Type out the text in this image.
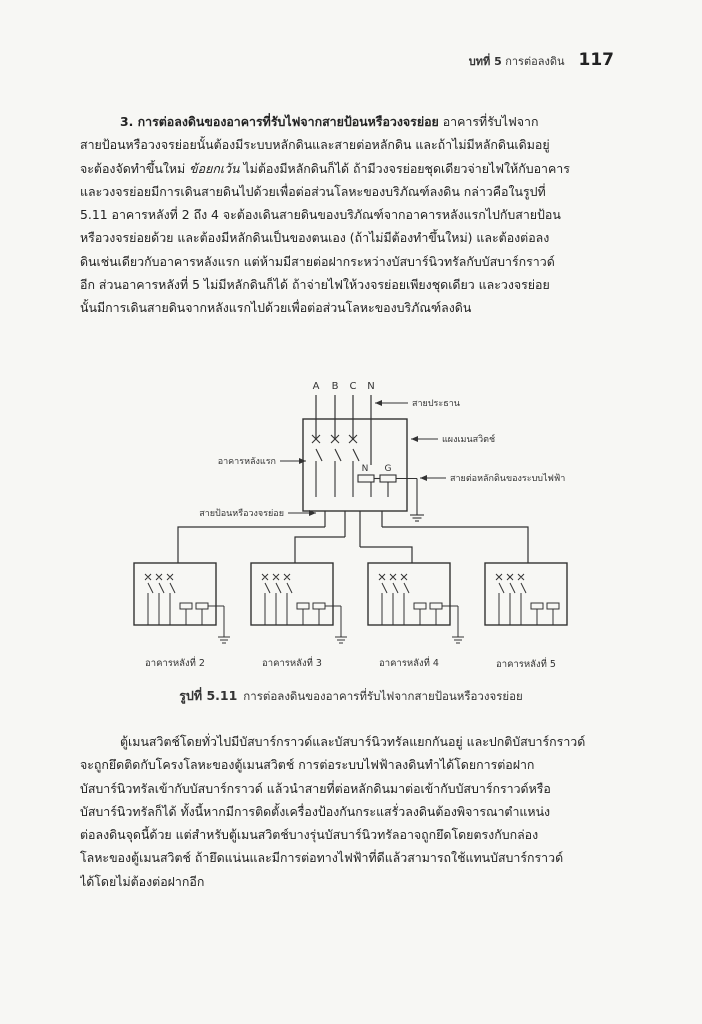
บทที่ 5 การต่อลงดิน 117
3. การต่อลงดินของอาคารที่รับไฟจากสายป้อนหรือวงจรย่อย อาคารที่รับไฟจาก
สายป้อนหรือวงจรย่อยนั้นต้องมีระบบหลักดินและสายต่อหลักดิน และถ้าไม่มีหลักดินเดิมอยู่
จะต้องจัดทำขึ้นใหม่ ข้อยกเว้น ไม่ต้องมีหลักดินก็ได้ ถ้ามีวงจรย่อยชุดเดียวจ่ายไฟให้กับอาคาร
และวงจรย่อยมีการเดินสายดินไปด้วยเพื่อต่อส่วนโลหะของบริภัณฑ์ลงดิน กล่าวคือในรูปที่
5.11 อาคารหลังที่ 2 ถึง 4 จะต้องเดินสายดินของบริภัณฑ์จากอาคารหลังแรกไปกับสายป้อน
หรือวงจรย่อยด้วย และต้องมีหลักดินเป็นของตนเอง (ถ้าไม่มีต้องทำขึ้นใหม่) และต้องต่อลง
ดินเช่นเดียวกับอาคารหลังแรก แต่ห้ามมีสายต่อฝากระหว่างบัสบาร์นิวทรัลกับบัสบาร์กราวด์
อีก ส่วนอาคารหลังที่ 5 ไม่มีหลักดินก็ได้ ถ้าจ่ายไฟให้วงจรย่อยเพียงชุดเดียว และวงจรย่อย
นั้นมีการเดินสายดินจากหลังแรกไปด้วยเพื่อต่อส่วนโลหะของบริภัณฑ์ลงดิน
A B C N
สายประธาน
แผงเมนสวิตช์
อาคารหลังแรก
N G
สายต่อหลักดินของระบบไฟฟ้า
สายป้อนหรือวงจรย่อย
อาคารหลังที่ 2	อาคารหลังที่ 3	อาคารหลังที่ 4	อาคารหลังที่ 5
รูปที่ 5.11 การต่อลงดินของอาคารที่รับไฟจากสายป้อนหรือวงจรย่อย
ตู้เมนสวิตช์โดยทั่วไปมีบัสบาร์กราวด์และบัสบาร์นิวทรัลแยกกันอยู่ และปกติบัสบาร์กราวด์
จะถูกยึดติดกับโครงโลหะของตู้เมนสวิตช์ การต่อระบบไฟฟ้าลงดินทำได้โดยการต่อฝาก
บัสบาร์นิวทรัลเข้ากับบัสบาร์กราวด์ แล้วนำสายที่ต่อหลักดินมาต่อเข้ากับบัสบาร์กราวด์หรือ
บัสบาร์นิวทรัลก็ได้ ทั้งนี้หากมีการติดตั้งเครื่องป้องกันกระแสรั่วลงดินต้องพิจารณาตำแหน่ง
ต่อลงดินจุดนี้ด้วย แต่สำหรับตู้เมนสวิตช์บางรุ่นบัสบาร์นิวทรัลอาจถูกยึดโดยตรงกับกล่อง
โลหะของตู้เมนสวิตช์ ถ้ายึดแน่นและมีการต่อทางไฟฟ้าที่ดีแล้วสามารถใช้แทนบัสบาร์กราวด์
ได้โดยไม่ต้องต่อฝากอีก
